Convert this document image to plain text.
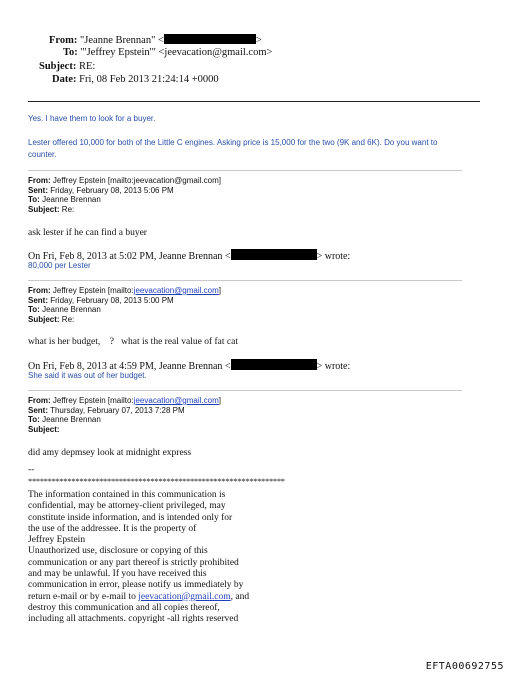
From: "Jeanne Brennan" <	>
To: '"Jeffrey Epstein'" <jeevacation@gmail.com>
Subject: RE:
Date: Fri, 08 Feb 2013 21:24:14 +0000
Yes. I have them to look for a buyer.
Lester offered 10,000 for both of the Little C engines. Asking price is 15,000 for the two (9K and 6K). Do you want to
counter.
From: Jeffrey Epstein [mailto:jeevacation@gmail.com]
Sent: Friday, February 08, 2013 5:06 PM
To: Jeanne Brennan
Subject: Re:
ask lester if he can find a buyer
On Fri, Feb 8, 2013 at 5:02 PM, Jeanne Brennan <	> wrote:
80,000 per Lester
From: Jeffrey Epstein [mailto:jeevacation@gmail.com]
Sent: Friday, February 08, 2013 5:00 PM
To: Jeanne Brennan
Subject: Re:
what is her budget,    ?   what is the real value of fat cat
On Fri, Feb 8, 2013 at 4:59 PM, Jeanne Brennan <	> wrote:
She said it was out of her budget.
From: Jeffrey Epstein [mailto:jeevacation@gmail.com]
Sent: Thursday, February 07, 2013 7:28 PM
To: Jeanne Brennan
Subject:
did amy depmsey look at midnight express
--
*****************************************************************
The information contained in this communication is
confidential, may be attorney-client privileged, may
constitute inside information, and is intended only for
the use of the addressee. It is the property of
Jeffrey Epstein
Unauthorized use, disclosure or copying of this
communication or any part thereof is strictly prohibited
and may be unlawful. If you have received this
communication in error, please notify us immediately by
return e-mail or by e-mail to jeevacation@gmail.com, and
destroy this communication and all copies thereof,
including all attachments. copyright -all rights reserved
EFTA00692755
